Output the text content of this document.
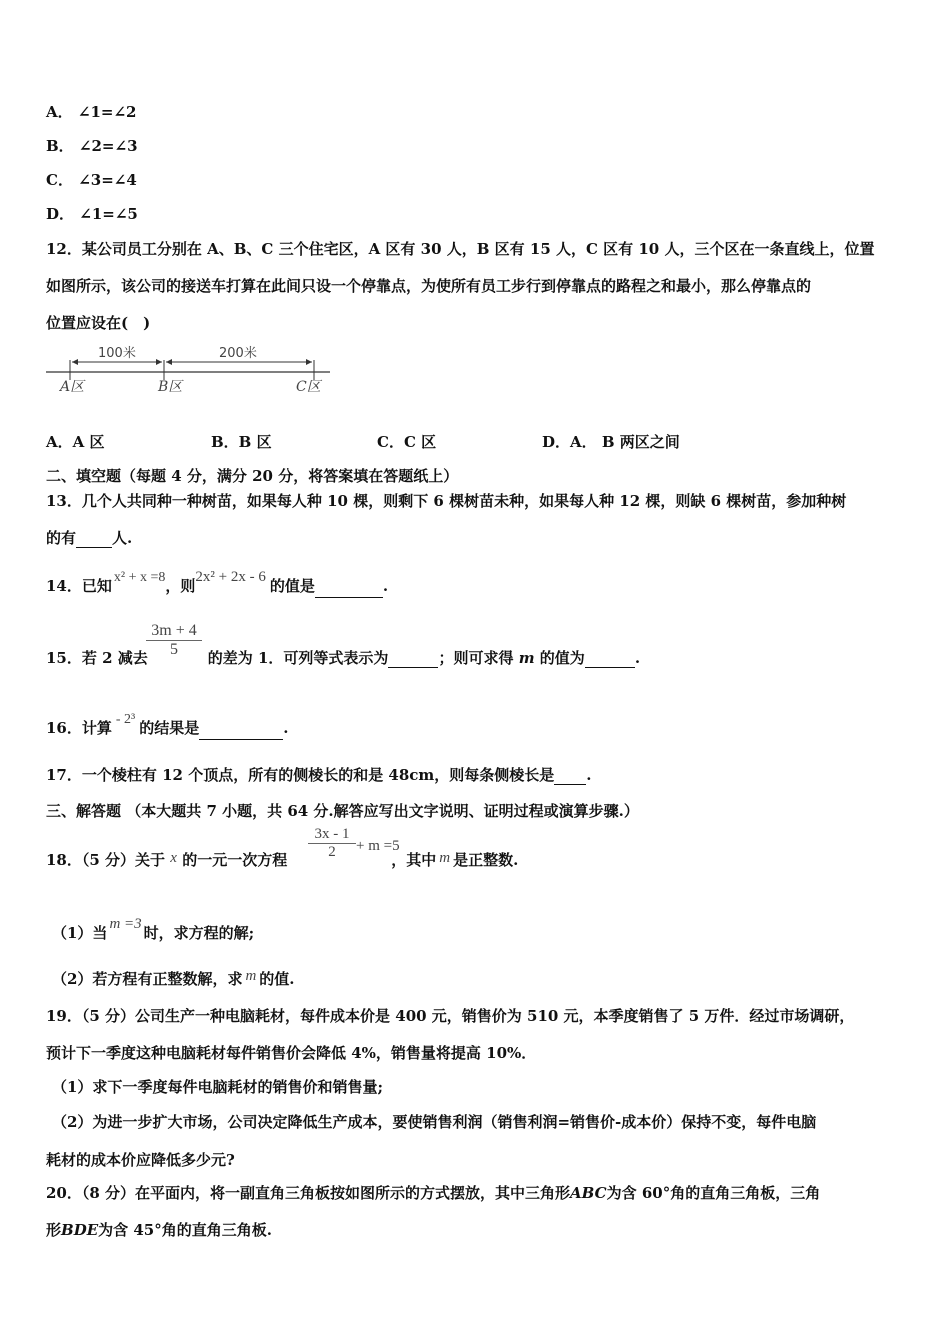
A． ∠1=∠2
B． ∠2=∠3
C． ∠3=∠4
D． ∠1=∠5
12．某公司员工分别在 A、B、C 三个住宅区，A 区有 30 人，B 区有 15 人，C 区有 10 人，三个区在一条直线上，位置
如图所示，该公司的接送车打算在此间只设一个停靠点，为使所有员工步行到停靠点的路程之和最小，那么停靠点的
位置应设在(　)
100米	200米
A区	B区	C区
A．A 区	B．B 区	C．C 区	D．A． B 两区之间
二、填空题（每题 4 分，满分 20 分，将答案填在答题纸上）
13．几个人共同种一种树苗，如果每人种 10 棵，则剩下 6 棵树苗未种，如果每人种 12 棵，则缺 6 棵树苗，参加种树
的有 人.
14．已知 x² + x =8，则2x² + 2x - 6 的值是	.
$\frac{3m + 4}{5}$
15．若 2 减去	的差为 1．可列等式表示为	；则可求得 m 的值为	.
16．计算 - 2³ 的结果是	.
17．一个棱柱有 12 个顶点，所有的侧棱长的和是 48cm，则每条侧棱长是 .
三、解答题 （本大题共 7 小题，共 64 分.解答应写出文字说明、证明过程或演算步骤.）
$\frac{3x - 1}{2} + m =5$
18．（5 分）关于 x 的一元一次方程	，其中 m 是正整数.
（1）当 m =3 时，求方程的解;
（2）若方程有正整数解，求 m 的值.
19．（5 分）公司生产一种电脑耗材，每件成本价是 400 元，销售价为 510 元，本季度销售了 5 万件．经过市场调研，
预计下一季度这种电脑耗材每件销售价会降低 4%，销售量将提高 10%．
（1）求下一季度每件电脑耗材的销售价和销售量;
（2）为进一步扩大市场，公司决定降低生产成本，要使销售利润（销售利润=销售价-成本价）保持不变，每件电脑
耗材的成本价应降低多少元?
20．（8 分）在平面内，将一副直角三角板按如图所示的方式摆放，其中三角形ABC为含 60°角的直角三角板，三角
形BDE为含 45°角的直角三角板.
